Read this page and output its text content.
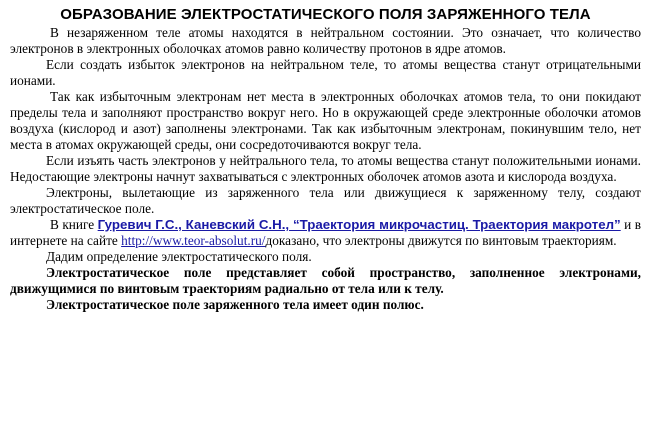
ОБРАЗОВАНИЕ ЭЛЕКТРОСТАТИЧЕСКОГО ПОЛЯ ЗАРЯЖЕННОГО ТЕЛА

В незаряженном теле атомы находятся в нейтральном состоянии. Это означает, что количество электронов в электронных оболочках атомов равно количеству протонов в ядре атомов.

Если создать избыток электронов на нейтральном теле, то атомы вещества станут отрицательными ионами.

Так как избыточным электронам нет места в электронных оболочках атомов тела, то они покидают пределы тела и заполняют пространство вокруг него. Но в окружающей среде электронные оболочки атомов воздуха (кислород и азот) заполнены электронами. Так как избыточным электронам, покинувшим тело, нет места в атомах окружающей среды, они сосредоточиваются вокруг тела.

Если изъять часть электронов у нейтрального тела, то атомы вещества станут положительными ионами. Недостающие электроны начнут захватываться с электронных оболочек атомов азота и кислорода воздуха.

Электроны, вылетающие из заряженного тела или движущиеся к заряженному телу, создают электростатическое поле.

В книге Гуревич Г.С., Каневский С.Н., “Траектория микрочастиц. Траектория макротел” и в интернете на сайте http://www.teor-absolut.ru/доказано, что электроны движутся по винтовым траекториям.

Дадим определение электростатического поля.

Электростатическое поле представляет собой пространство, заполненное электронами, движущимися по винтовым траекториям радиально от тела или к телу.

Электростатическое поле заряженного тела имеет один полюс.
